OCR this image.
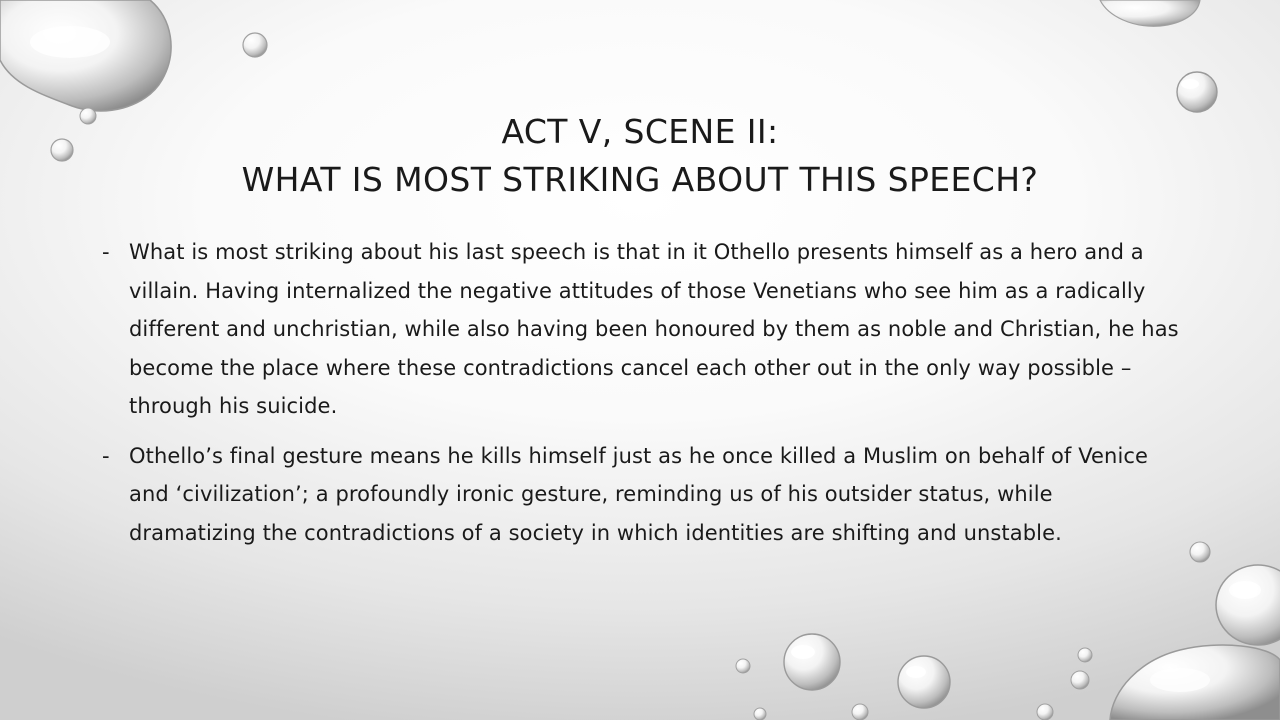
ACT V, SCENE II:
WHAT IS MOST STRIKING ABOUT THIS SPEECH?
- What is most striking about his last speech is that in it Othello presents himself as a hero and a villain. Having internalized the negative attitudes of those Venetians who see him as a radically different and unchristian, while also having been honoured by them as noble and Christian, he has become the place where these contradictions cancel each other out in the only way possible – through his suicide.
- Othello’s final gesture means he kills himself just as he once killed a Muslim on behalf of Venice and ‘civilization’; a profoundly ironic gesture, reminding us of his outsider status, while dramatizing the contradictions of a society in which identities are shifting and unstable.
